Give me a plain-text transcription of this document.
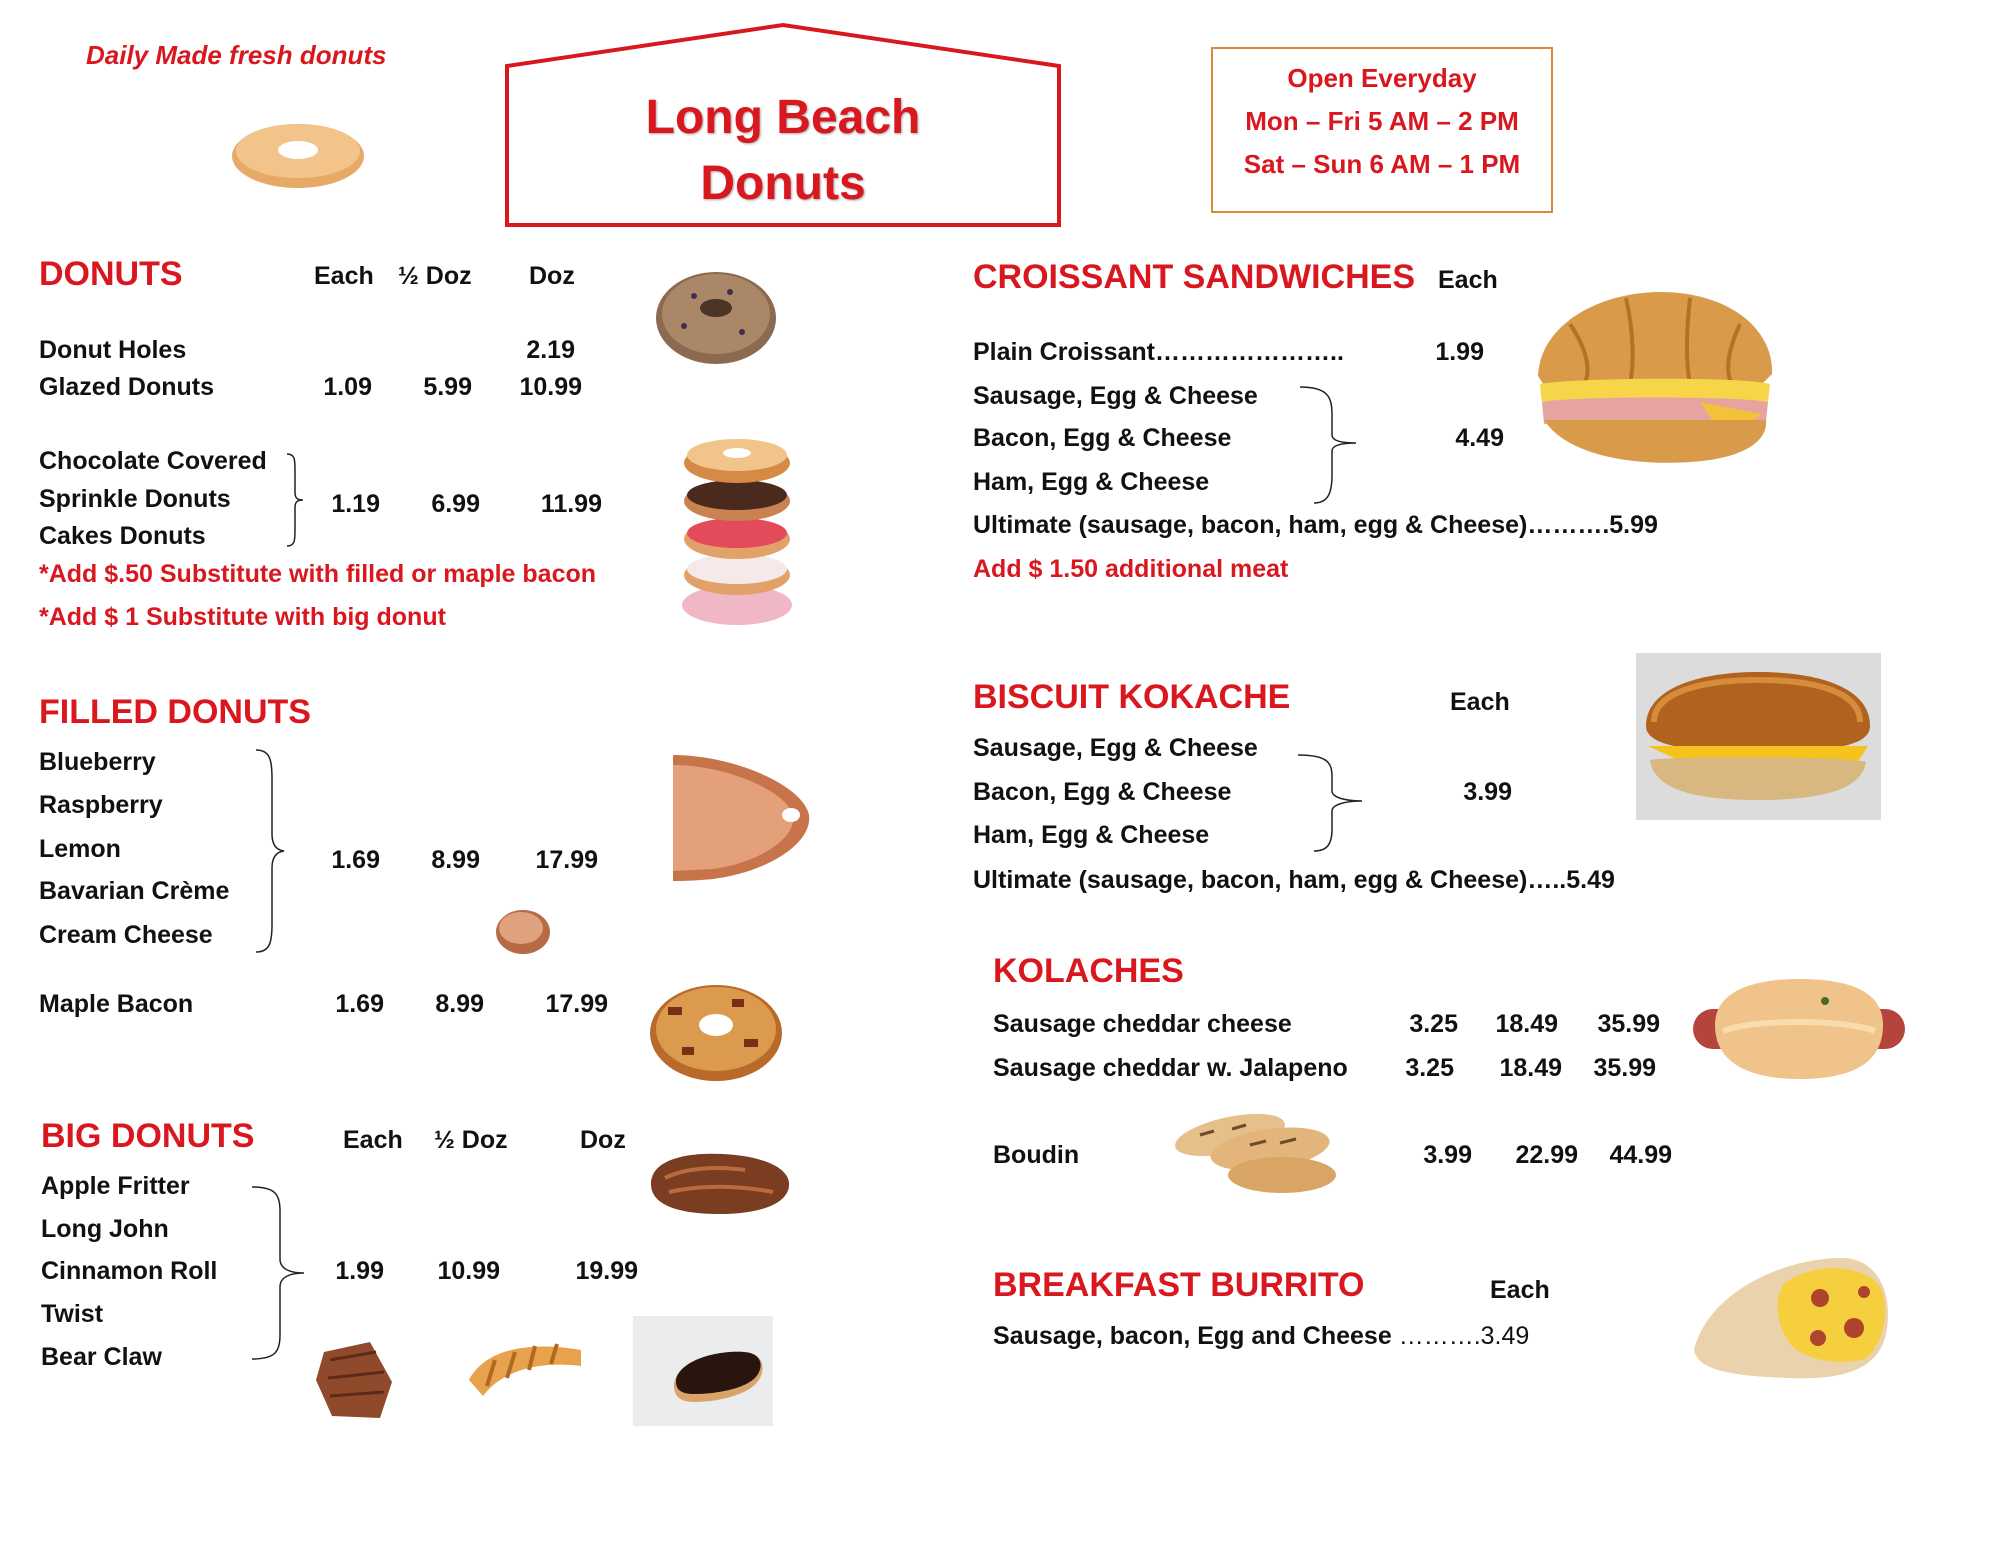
Daily Made fresh donuts
Long Beach
Donuts
Open Everyday
Mon – Fri 5 AM – 2 PM
Sat – Sun 6 AM – 1 PM
DONUTS	Each ½ Doz Doz
Donut Holes	2.19
Glazed Donuts	1.09	5.99	10.99
Chocolate Covered
Sprinkle Donuts
Cakes Donuts
1.19	6.99	11.99
*Add $.50 Substitute with filled or maple bacon
*Add $ 1 Substitute with big donut
FILLED DONUTS
Blueberry
Raspberry
Lemon
Bavarian Crème
Cream Cheese
1.69	8.99	17.99
Maple Bacon	1.69	8.99	17.99
BIG DONUTS	Each ½ Doz	Doz
Apple Fritter
Long John
Cinnamon Roll
Twist
Bear Claw
1.99	10.99	19.99
CROISSANT SANDWICHES Each
Plain Croissant…………………..	1.99
Sausage, Egg & Cheese
Bacon, Egg & Cheese
Ham, Egg & Cheese
4.49
Ultimate (sausage, bacon, ham, egg & Cheese)……….5.99
Add $ 1.50 additional meat
BISCUIT KOKACHE	Each
Sausage, Egg & Cheese
Bacon, Egg & Cheese
Ham, Egg & Cheese
3.99
Ultimate (sausage, bacon, ham, egg & Cheese)…..5.49
KOLACHES
Sausage cheddar cheese	3.25	18.49	35.99
Sausage cheddar w. Jalapeno	3.25	18.49	35.99
Boudin	3.99	22.99	44.99
BREAKFAST BURRITO	Each
Sausage, bacon, Egg and Cheese ……….3.49
